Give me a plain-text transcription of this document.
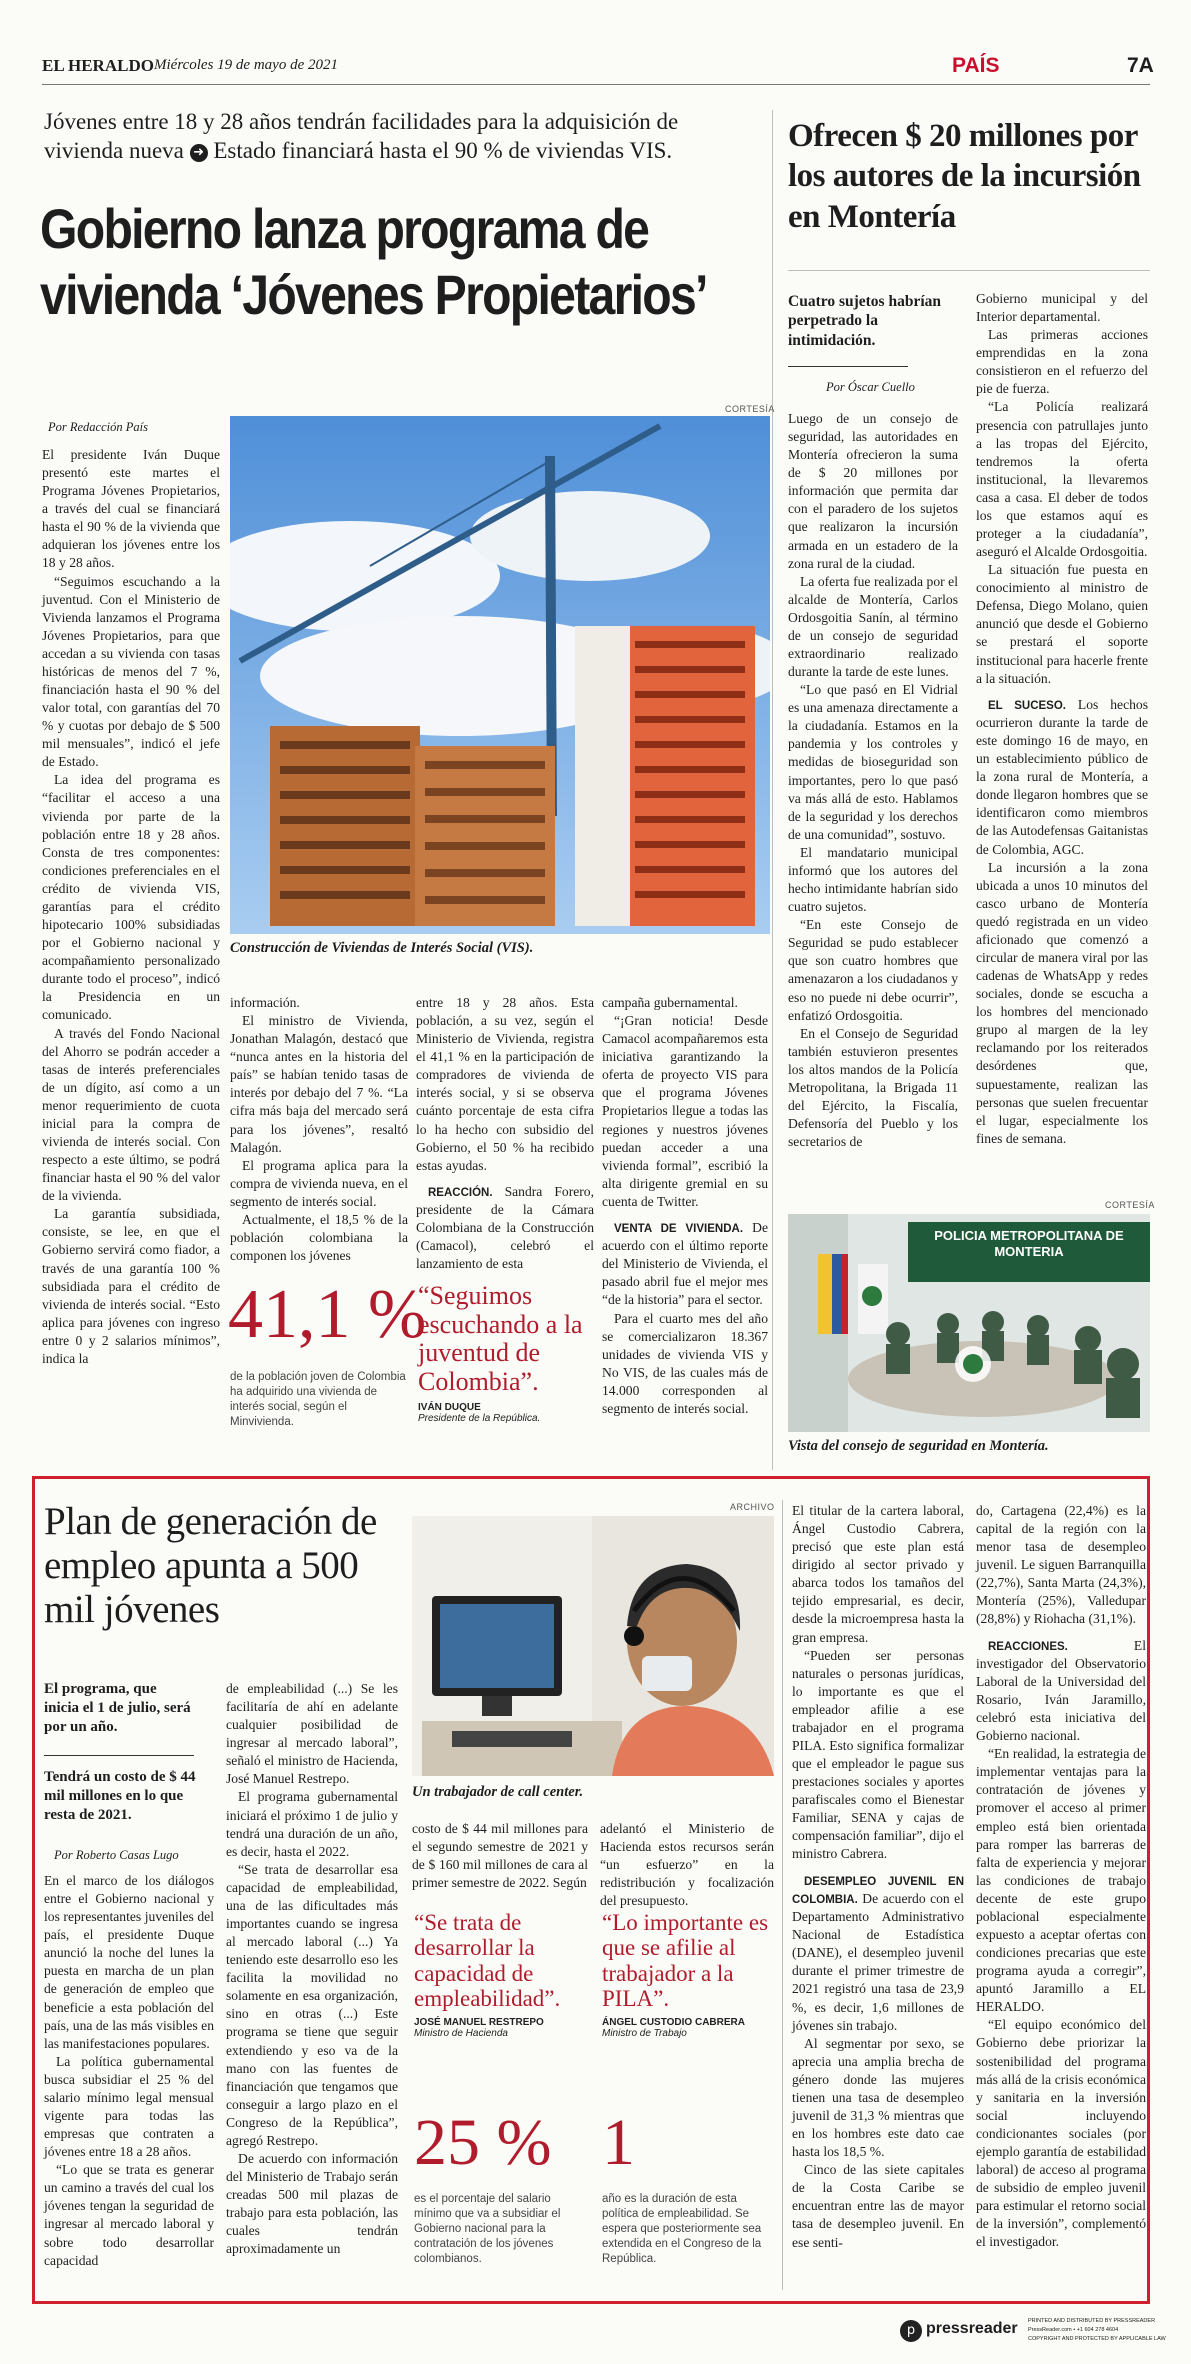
EL HERALDO Miércoles 19 de mayo de 2021	PAÍS	7A
Jóvenes entre 18 y 28 años tendrán facilidades para la adquisición de vivienda nueva ➜ Estado financiará hasta el 90 % de viviendas VIS.
Gobierno lanza programa de
vivienda ‘Jóvenes Propietarios’
Por Redacción País
CORTESÍA
Construcción de Viviendas de Interés Social (VIS).

El presidente Iván Duque presentó este martes el Programa Jóvenes Propietarios, a través del cual se financiará hasta el 90 % de la vivienda que adquieran los jóvenes entre los 18 y 28 años.

“Seguimos escuchando a la juventud. Con el Ministerio de Vivienda lanzamos el Programa Jóvenes Propietarios, para que accedan a su vivienda con tasas históricas de menos del 7 %, financiación hasta el 90 % del valor total, con garantías del 70 % y cuotas por debajo de $ 500 mil mensuales”, indicó el jefe de Estado.

La idea del programa es “facilitar el acceso a una vivienda por parte de la población entre 18 y 28 años. Consta de tres componentes: condiciones preferenciales en el crédito de vivienda VIS, garantías para el crédito hipotecario 100% subsidiadas por el Gobierno nacional y acompañamiento personalizado durante todo el proceso”, indicó la Presidencia en un comunicado.

A través del Fondo Nacional del Ahorro se podrán acceder a tasas de interés preferenciales de un dígito, así como a un menor requerimiento de cuota inicial para la compra de vivienda de interés social. Con respecto a este último, se podrá financiar hasta el 90 % del valor de la vivienda.

La garantía subsidiada, consiste, se lee, en que el Gobierno servirá como fiador, a través de una garantía 100 % subsidiada para el crédito de vivienda de interés social. “Esto aplica para jóvenes con ingreso entre 0 y 2 salarios mínimos”, indica la

información.

El ministro de Vivienda, Jonathan Malagón, destacó que “nunca antes en la historia del país” se habían tenido tasas de interés por debajo del 7 %. “La cifra más baja del mercado será para los jóvenes”, resaltó Malagón.

El programa aplica para la compra de vivienda nueva, en el segmento de interés social.

Actualmente, el 18,5 % de la población colombiana la componen los jóvenes

entre 18 y 28 años. Esta población, a su vez, según el Ministerio de Vivienda, registra el 41,1 % en la participación de compradores de vivienda de interés social, y si se observa cuánto porcentaje de esta cifra lo ha hecho con subsidio del Gobierno, el 50 % ha recibido estas ayudas.

REACCIÓN. Sandra Forero, presidente de la Cámara Colombiana de la Construcción (Camacol), celebró el lanzamiento de esta

campaña gubernamental.

“¡Gran noticia! Desde Camacol acompañaremos esta iniciativa garantizando la oferta de proyecto VIS para que el programa Jóvenes Propietarios llegue a todas las regiones y nuestros jóvenes puedan acceder a una vivienda formal”, escribió la alta dirigente gremial en su cuenta de Twitter.

VENTA DE VIVIENDA. De acuerdo con el último reporte del Ministerio de Vivienda, el pasado abril fue el mejor mes “de la historia” para el sector.

Para el cuarto mes del año se comercializaron 18.367 unidades de vivienda VIS y No VIS, de las cuales más de 14.000 corresponden al segmento de interés social.

41,1 %
de la población joven de Colombia ha adquirido una vivienda de interés social, según el Minvivienda.
“Seguimos escuchando a la juventud de Colombia”.
IVÁN DUQUE
Presidente de la República.
Ofrecen $ 20 millones por los autores de la incursión en Montería
Cuatro sujetos habrían perpetrado la intimidación.
Por Óscar Cuello

Luego de un consejo de seguridad, las autoridades en Montería ofrecieron la suma de $ 20 millones por información que permita dar con el paradero de los sujetos que realizaron la incursión armada en un estadero de la zona rural de la ciudad.

La oferta fue realizada por el alcalde de Montería, Carlos Ordosgoitia Sanín, al término de un consejo de seguridad extraordinario realizado durante la tarde de este lunes.

“Lo que pasó en El Vidrial es una amenaza directamente a la ciudadanía. Estamos en la pandemia y los controles y medidas de bioseguridad son importantes, pero lo que pasó va más allá de esto. Hablamos de la seguridad y los derechos de una comunidad”, sostuvo.

El mandatario municipal informó que los autores del hecho intimidante habrían sido cuatro sujetos.

“En este Consejo de Seguridad se pudo establecer que son cuatro hombres que amenazaron a los ciudadanos y eso no puede ni debe ocurrir”, enfatizó Ordosgoitia.

En el Consejo de Seguridad también estuvieron presentes los altos mandos de la Policía Metropolitana, la Brigada 11 del Ejército, la Fiscalía, Defensoría del Pueblo y los secretarios de

Gobierno municipal y del Interior departamental.

Las primeras acciones emprendidas en la zona consistieron en el refuerzo del pie de fuerza.

“La Policía realizará presencia con patrullajes junto a las tropas del Ejército, tendremos la oferta institucional, la llevaremos casa a casa. El deber de todos los que estamos aquí es proteger a la ciudadanía”, aseguró el Alcalde Ordosgoitia.

La situación fue puesta en conocimiento al ministro de Defensa, Diego Molano, quien anunció que desde el Gobierno se prestará el soporte institucional para hacerle frente a la situación.

EL SUCESO. Los hechos ocurrieron durante la tarde de este domingo 16 de mayo, en un establecimiento público de la zona rural de Montería, a donde llegaron hombres que se identificaron como miembros de las Autodefensas Gaitanistas de Colombia, AGC.

La incursión a la zona ubicada a unos 10 minutos del casco urbano de Montería quedó registrada en un video aficionado que comenzó a circular de manera viral por las cadenas de WhatsApp y redes sociales, donde se escucha a los hombres del mencionado grupo al margen de la ley reclamando por los reiterados desórdenes que, supuestamente, realizan las personas que suelen frecuentar el lugar, especialmente los fines de semana.

CORTESÍA
POLICIA METROPOLITANA DE MONTERIA
Vista del consejo de seguridad en Montería.
Plan de generación de empleo apunta a 500 mil jóvenes
El programa, que inicia el 1 de julio, será por un año.
Tendrá un costo de $ 44 mil millones en lo que resta de 2021.
Por Roberto Casas Lugo

En el marco de los diálogos entre el Gobierno nacional y los representantes juveniles del país, el presidente Duque anunció la noche del lunes la puesta en marcha de un plan de generación de empleo que beneficie a esta población del país, una de las más visibles en las manifestaciones populares.

La política gubernamental busca subsidiar el 25 % del salario mínimo legal mensual vigente para todas las empresas que contraten a jóvenes entre 18 a 28 años.

“Lo que se trata es generar un camino a través del cual los jóvenes tengan la seguridad de ingresar al mercado laboral y sobre todo desarrollar capacidad

de empleabilidad (...) Se les facilitaría de ahí en adelante cualquier posibilidad de ingresar al mercado laboral”, señaló el ministro de Hacienda, José Manuel Restrepo.

El programa gubernamental iniciará el próximo 1 de julio y tendrá una duración de un año, es decir, hasta el 2022.

“Se trata de desarrollar esa capacidad de empleabilidad, una de las dificultades más importantes cuando se ingresa al mercado laboral (...) Ya teniendo este desarrollo eso les facilita la movilidad no solamente en esa organización, sino en otras (...) Este programa se tiene que seguir extendiendo y eso va de la mano con las fuentes de financiación que tengamos que conseguir a largo plazo en el Congreso de la República”, agregó Restrepo.

De acuerdo con información del Ministerio de Trabajo serán creadas 500 mil plazas de trabajo para esta población, las cuales tendrán aproximadamente un

ARCHIVO
Un trabajador de call center.

costo de $ 44 mil millones para el segundo semestre de 2021 y de $ 160 mil millones de cara al primer semestre de 2022. Según

adelantó el Ministerio de Hacienda estos recursos serán “un esfuerzo” en la redistribución y focalización del presupuesto.

“Se trata de desarrollar la capacidad de empleabilidad”.
JOSÉ MANUEL RESTREPO
Ministro de Hacienda
“Lo importante es que se afilie al trabajador a la PILA”.
ÁNGEL CUSTODIO CABRERA
Ministro de Trabajo
25 %
es el porcentaje del salario mínimo que va a subsidiar el Gobierno nacional para la contratación de los jóvenes colombianos.
1
año es la duración de esta política de empleabilidad. Se espera que posteriormente sea extendida en el Congreso de la República.

El titular de la cartera laboral, Ángel Custodio Cabrera, precisó que este plan está dirigido al sector privado y abarca todos los tamaños del tejido empresarial, es decir, desde la microempresa hasta la gran empresa.

“Pueden ser personas naturales o personas jurídicas, lo importante es que el empleador afilie a ese trabajador en el programa PILA. Esto significa formalizar que el empleador le pague sus prestaciones sociales y aportes parafiscales como el Bienestar Familiar, SENA y cajas de compensación familiar”, dijo el ministro Cabrera.

DESEMPLEO JUVENIL EN COLOMBIA. De acuerdo con el Departamento Administrativo Nacional de Estadística (DANE), el desempleo juvenil durante el primer trimestre de 2021 registró una tasa de 23,9 %, es decir, 1,6 millones de jóvenes sin trabajo.

Al segmentar por sexo, se aprecia una amplia brecha de género donde las mujeres tienen una tasa de desempleo juvenil de 31,3 % mientras que en los hombres este dato cae hasta los 18,5 %.

Cinco de las siete capitales de la Costa Caribe se encuentran entre las de mayor tasa de desempleo juvenil. En ese senti-

do, Cartagena (22,4%) es la capital de la región con la menor tasa de desempleo juvenil. Le siguen Barranquilla (22,7%), Santa Marta (24,3%), Montería (25%), Valledupar (28,8%) y Riohacha (31,1%).

REACCIONES.	El investigador del Observatorio Laboral de la Universidad del Rosario, Iván Jaramillo, celebró esta iniciativa del Gobierno nacional.

“En realidad, la estrategia de implementar ventajas para la contratación de jóvenes y promover el acceso al primer empleo está bien orientada para romper las barreras de falta de experiencia y mejorar las condiciones de trabajo decente de este grupo poblacional especialmente expuesto a aceptar ofertas con condiciones precarias que este programa ayuda a corregir”, apuntó Jaramillo a EL HERALDO.

“El equipo económico del Gobierno debe priorizar la sostenibilidad del programa más allá de la crisis económica y sanitaria en la inversión social incluyendo condicionantes sociales (por ejemplo garantía de estabilidad laboral) de acceso al programa de subsidio de empleo juvenil para estimular el retorno social de la inversión”, complementó el investigador.

p pressreader PRINTED AND DISTRIBUTED BY PRESSREADER
PressReader.com • +1 604 278 4604
COPYRIGHT AND PROTECTED BY APPLICABLE LAW
